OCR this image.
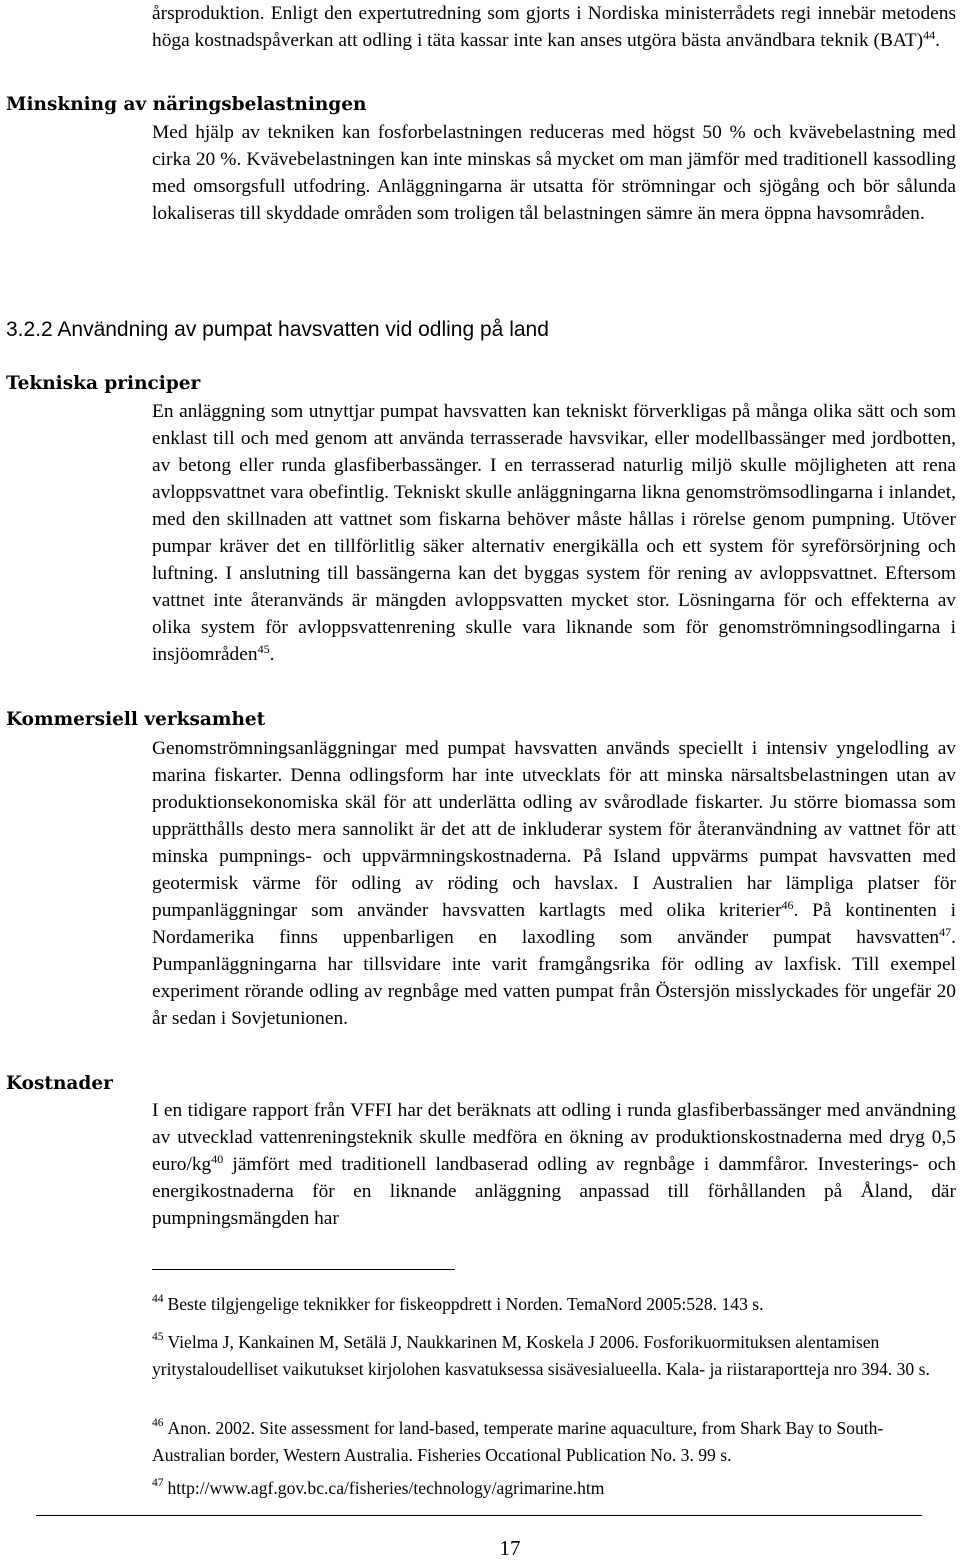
årsproduktion. Enligt den expertutredning som gjorts i Nordiska ministerrådets regi innebär metodens höga kostnadspåverkan att odling i täta kassar inte kan anses utgöra bästa användbara teknik (BAT)$^{44}$.

Minskning av näringsbelastningen

Med hjälp av tekniken kan fosforbelastningen reduceras med högst 50 % och kvävebelastning med cirka 20 %. Kvävebelastningen kan inte minskas så mycket om man jämför med traditionell kassodling med omsorgsfull utfodring. Anläggningarna är utsatta för strömningar och sjögång och bör sålunda lokaliseras till skyddade områden som troligen tål belastningen sämre än mera öppna havsområden.

3.2.2 Användning av pumpat havsvatten vid odling på land
Tekniska principer

En anläggning som utnyttjar pumpat havsvatten kan tekniskt förverkligas på många olika sätt och som enklast till och med genom att använda terrasserade havsvikar, eller modellbassänger med jordbotten, av betong eller runda glasfiberbassänger. I en terrasserad naturlig miljö skulle möjligheten att rena avloppsvattnet vara obefintlig. Tekniskt skulle anläggningarna likna genomströmsodlingarna i inlandet, med den skillnaden att vattnet som fiskarna behöver måste hållas i rörelse genom pumpning. Utöver pumpar kräver det en tillförlitlig säker alternativ energikälla och ett system för syreförsörjning och luftning. I anslutning till bassängerna kan det byggas system för rening av avloppsvattnet. Eftersom vattnet inte återanvänds är mängden avloppsvatten mycket stor. Lösningarna för och effekterna av olika system för avloppsvattenrening skulle vara liknande som för genomströmningsodlingarna i insjöområden$^{45}$.

Kommersiell verksamhet

Genomströmningsanläggningar med pumpat havsvatten används speciellt i intensiv yngelodling av marina fiskarter. Denna odlingsform har inte utvecklats för att minska närsaltsbelastningen utan av produktionsekonomiska skäl för att underlätta odling av svårodlade fiskarter. Ju större biomassa som upprätthålls desto mera sannolikt är det att de inkluderar system för återanvändning av vattnet för att minska pumpnings- och uppvärmningskostnaderna. På Island uppvärms pumpat havsvatten med geotermisk värme för odling av röding och havslax. I Australien har lämpliga platser för pumpanläggningar som använder havsvatten kartlagts med olika kriterier$^{46}$. På kontinenten i Nordamerika finns uppenbarligen en laxodling som använder pumpat havsvatten$^{47}$. Pumpanläggningarna har tillsvidare inte varit framgångsrika för odling av laxfisk. Till exempel experiment rörande odling av regnbåge med vatten pumpat från Östersjön misslyckades för ungefär 20 år sedan i Sovjetunionen.

Kostnader

I en tidigare rapport från VFFI har det beräknats att odling i runda glasfiberbassänger med användning av utvecklad vattenreningsteknik skulle medföra en ökning av produktionskostnaderna med dryg 0,5 euro/$kg^{40}$ jämfört med traditionell landbaserad odling av regnbåge i dammfåror. Investerings- och energikostnaderna för en liknande anläggning anpassad till förhållanden på Åland, där pumpningsmängden har

$^{44}$ Beste tilgjengelige teknikker for fiskeoppdrett i Norden. TemaNord 2005:528. 143 s.

$^{45}$ Vielma J, Kankainen M, Setälä J, Naukkarinen M, Koskela J 2006. Fosforikuormituksen alentamisen yritystaloudelliset vaikutukset kirjolohen kasvatuksessa sisävesialueella. Kala- ja riistaraportteja nro 394. 30 s.

$^{46}$ Anon. 2002. Site assessment for land-based, temperate marine aquaculture, from Shark Bay to South-Australian border, Western Australia. Fisheries Occational Publication No. 3. 99 s.

$^{47}$ http://www.agf.gov.bc.ca/fisheries/technology/agrimarine.htm

17
